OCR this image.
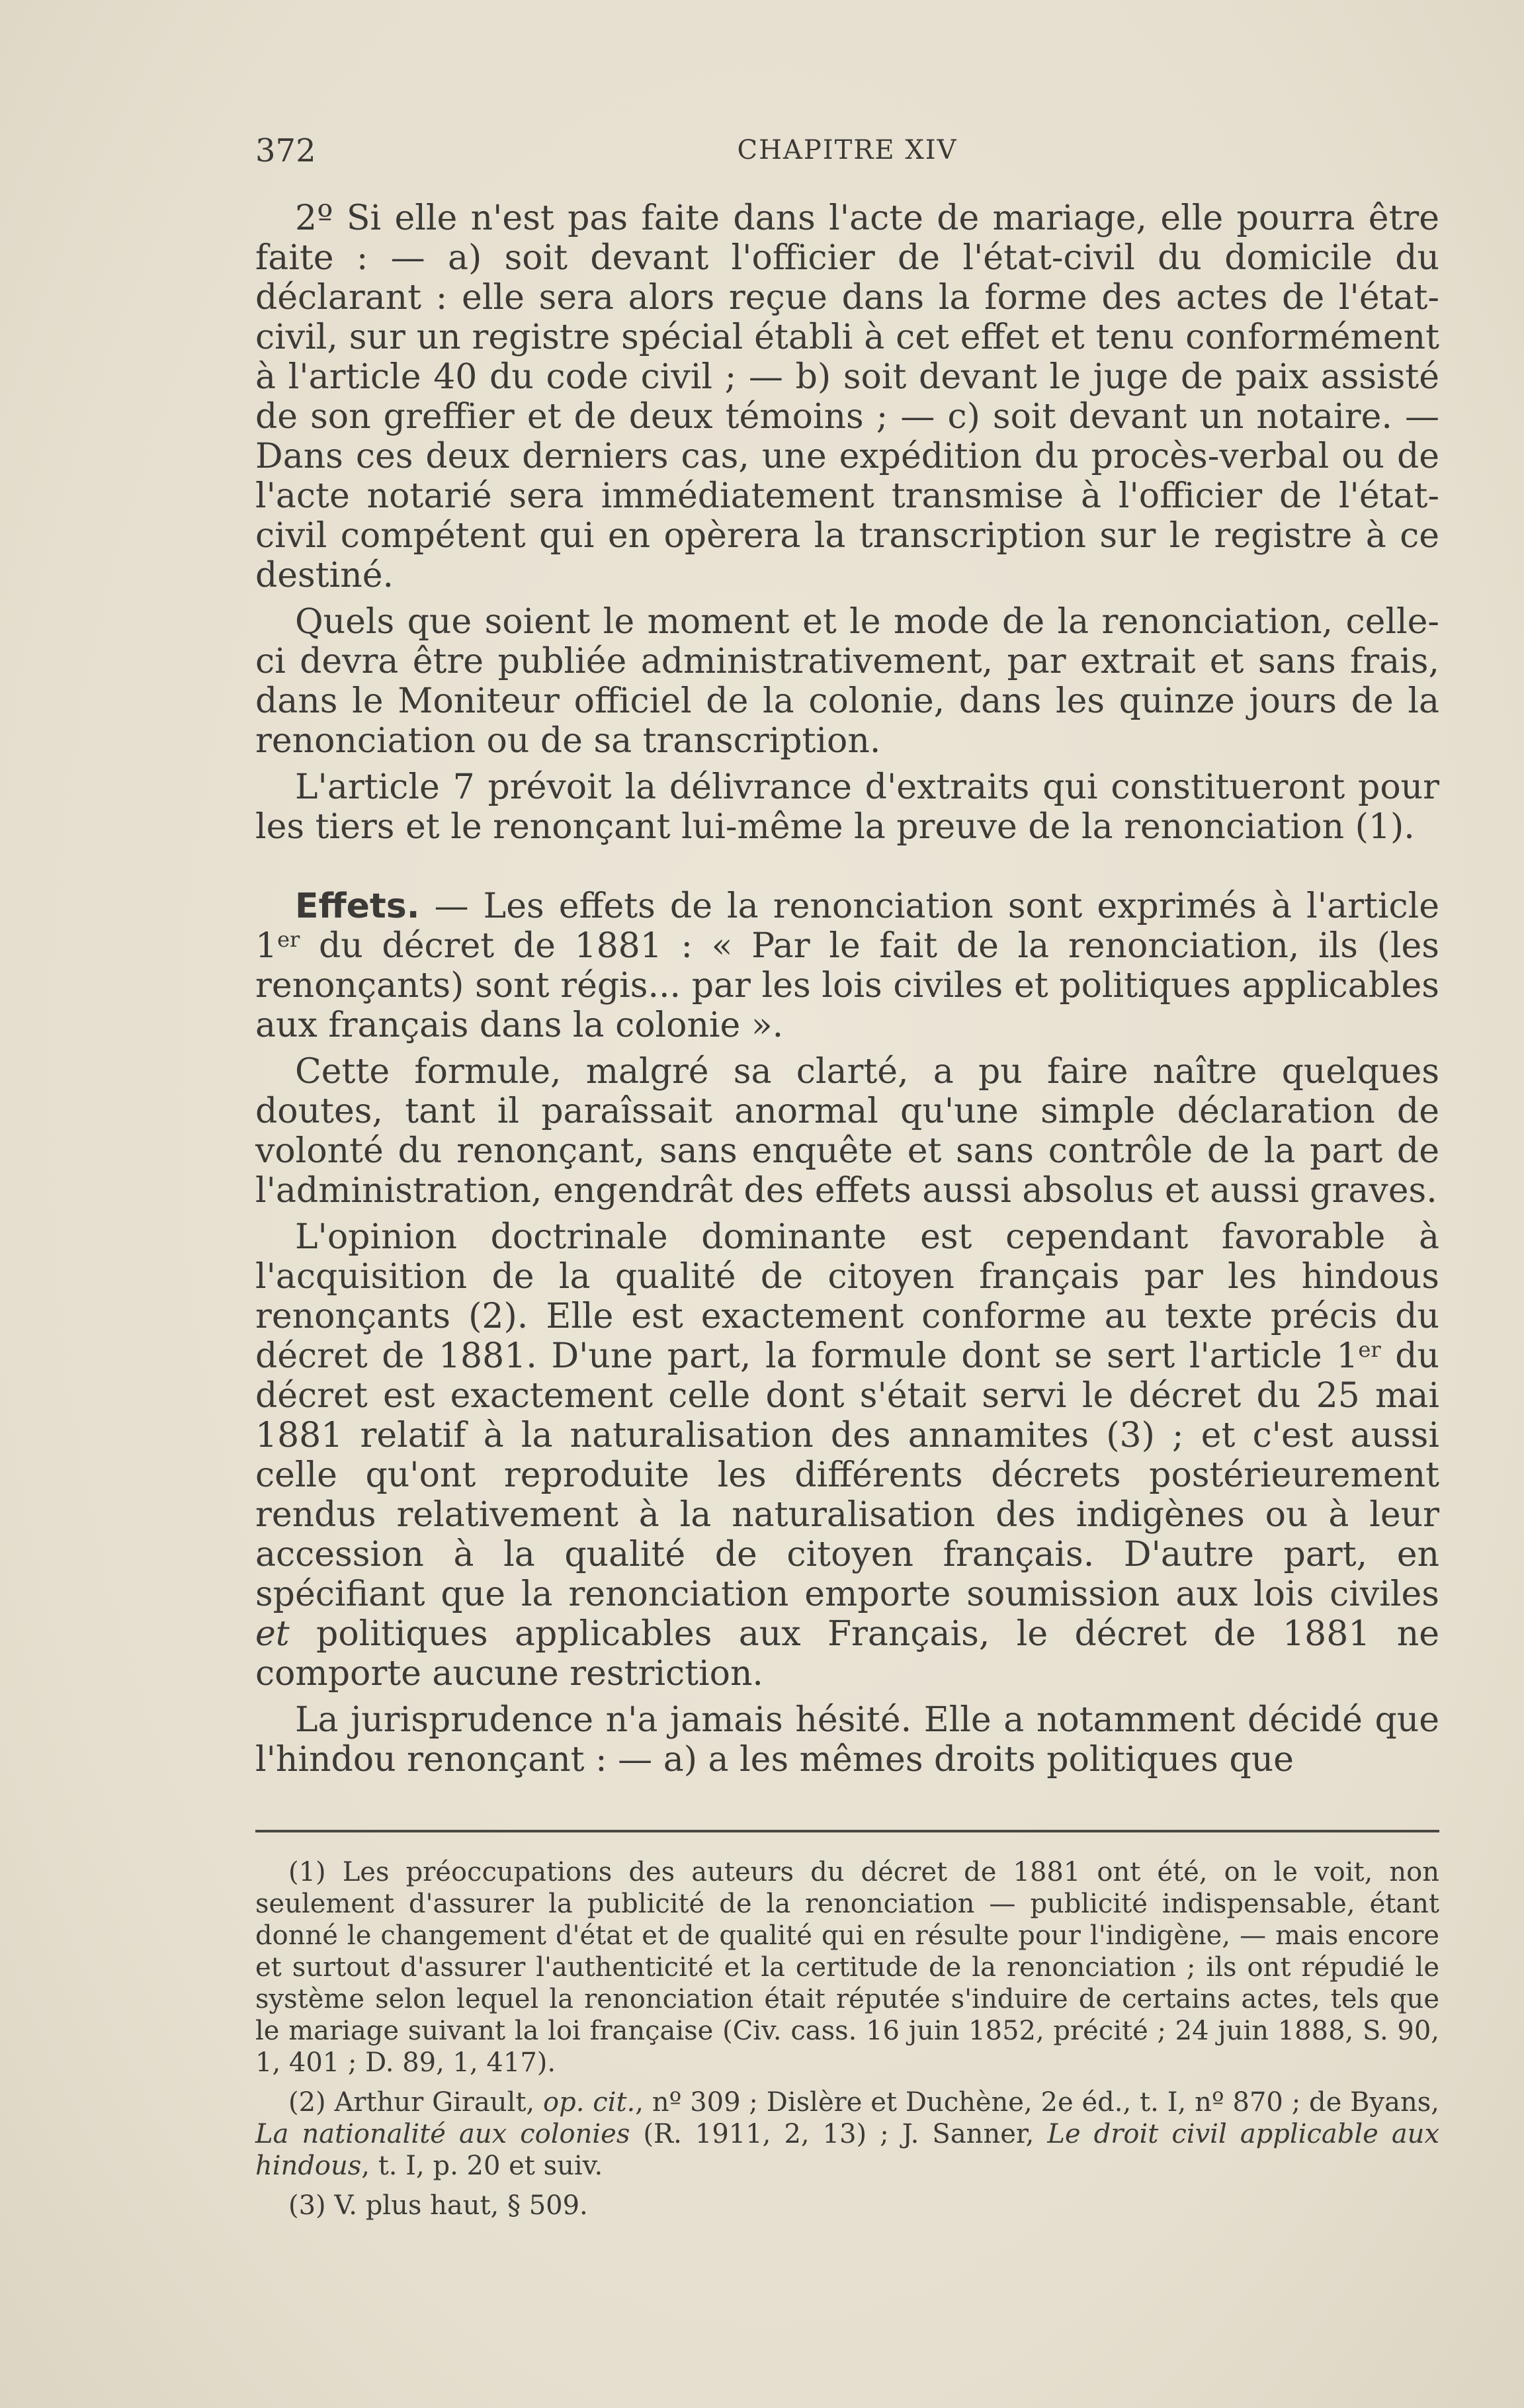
372	CHAPITRE XIV

2º Si elle n'est pas faite dans l'acte de mariage, elle pourra être faite : — a) soit devant l'officier de l'état-civil du domicile du déclarant : elle sera alors reçue dans la forme des actes de l'état-civil, sur un registre spécial établi à cet effet et tenu conformément à l'article 40 du code civil ; — b) soit devant le juge de paix assisté de son greffier et de deux témoins ; — c) soit devant un notaire. — Dans ces deux derniers cas, une expédition du procès-verbal ou de l'acte notarié sera immédiatement transmise à l'officier de l'état-civil compétent qui en opèrera la transcription sur le registre à ce destiné.

Quels que soient le moment et le mode de la renonciation, celle-ci devra être publiée administrativement, par extrait et sans frais, dans le Moniteur officiel de la colonie, dans les quinze jours de la renonciation ou de sa transcription.

L'article 7 prévoit la délivrance d'extraits qui constitueront pour les tiers et le renonçant lui-même la preuve de la renonciation (1).

Effets. — Les effets de la renonciation sont exprimés à l'article 1er du décret de 1881 : « Par le fait de la renonciation, ils (les renonçants) sont régis... par les lois civiles et politiques applicables aux français dans la colonie ».

Cette formule, malgré sa clarté, a pu faire naître quelques doutes, tant il paraîssait anormal qu'une simple déclaration de volonté du renonçant, sans enquête et sans contrôle de la part de l'administration, engendrât des effets aussi absolus et aussi graves.

L'opinion doctrinale dominante est cependant favorable à l'acquisition de la qualité de citoyen français par les hindous renonçants (2). Elle est exactement conforme au texte précis du décret de 1881. D'une part, la formule dont se sert l'article 1er du décret est exactement celle dont s'était servi le décret du 25 mai 1881 relatif à la naturalisation des annamites (3) ; et c'est aussi celle qu'ont reproduite les différents décrets postérieurement rendus relativement à la naturalisation des indigènes ou à leur accession à la qualité de citoyen français. D'autre part, en spécifiant que la renonciation emporte soumission aux lois civiles et politiques applicables aux Français, le décret de 1881 ne comporte aucune restriction.

La jurisprudence n'a jamais hésité. Elle a notamment décidé que l'hindou renonçant : — a) a les mêmes droits politiques que

(1) Les préoccupations des auteurs du décret de 1881 ont été, on le voit, non seulement d'assurer la publicité de la renonciation — publicité indispensable, étant donné le changement d'état et de qualité qui en résulte pour l'indigène, — mais encore et surtout d'assurer l'authenticité et la certitude de la renonciation ; ils ont répudié le système selon lequel la renonciation était réputée s'induire de certains actes, tels que le mariage suivant la loi française (Civ. cass. 16 juin 1852, précité ; 24 juin 1888, S. 90, 1, 401 ; D. 89, 1, 417).

(2) Arthur Girault, op. cit., nº 309 ; Dislère et Duchène, 2e éd., t. I, nº 870 ; de Byans, La nationalité aux colonies (R. 1911, 2, 13) ; J. Sanner, Le droit civil applicable aux hindous, t. I, p. 20 et suiv.

(3) V. plus haut, § 509.
